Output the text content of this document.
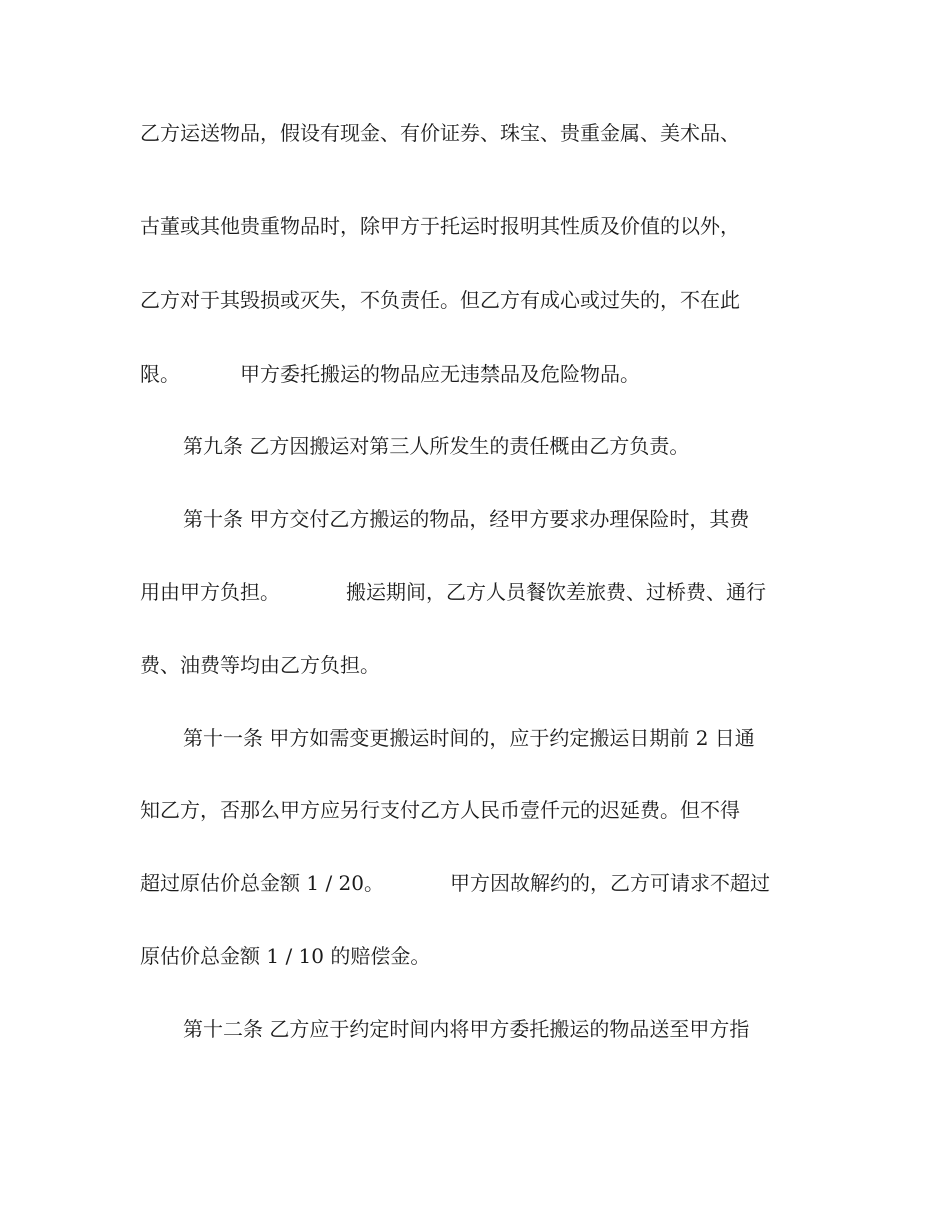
乙方运送物品，假设有现金、有价证券、珠宝、贵重金属、美术品、

古董或其他贵重物品时，除甲方于托运时报明其性质及价值的以外，

乙方对于其毁损或灭失，不负责任。但乙方有成心或过失的，不在此

限。

	甲方委托搬运的物品应无违禁品及危险物品。

第九条 乙方因搬运对第三人所发生的责任概由乙方负责。

第十条 甲方交付乙方搬运的物品，经甲方要求办理保险时，其费

用由甲方负担。

	搬运期间，乙方人员餐饮差旅费、过桥费、通行

费、油费等均由乙方负担。

第十一条 甲方如需变更搬运时间的，应于约定搬运日期前 2 日通

知乙方，否那么甲方应另行支付乙方人民币壹仟元的迟延费。但不得

超过原估价总金额 1 / 20。

	甲方因故解约的，乙方可请求不超过

原估价总金额 1 / 10 的赔偿金。

第十二条 乙方应于约定时间内将甲方委托搬运的物品送至甲方指
